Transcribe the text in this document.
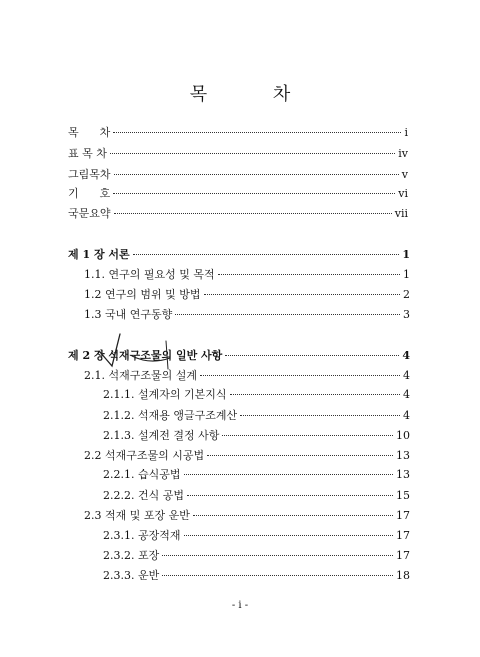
목 차
목      차	i
표 목 차	iv
그림목차	v
기      호	vi
국문요약	vii
제 1 장 서론	1
1.1. 연구의 필요성 및 목적	1
1.2 연구의 범위 및 방법	2
1.3 국내 연구동향	3
제 2 장 석재구조물의 일반 사항	4
2.1. 석재구조물의 설계	4
2.1.1. 설계자의 기본지식	4
2.1.2. 석재용 앵글구조계산	4
2.1.3. 설계전 결정 사항	10
2.2 석재구조물의 시공법	13
2.2.1. 습식공법	13
2.2.2. 건식 공법	15
2.3 적재 및 포장 운반	17
2.3.1. 공장적재	17
2.3.2. 포장	17
2.3.3. 운반	18
- i -
